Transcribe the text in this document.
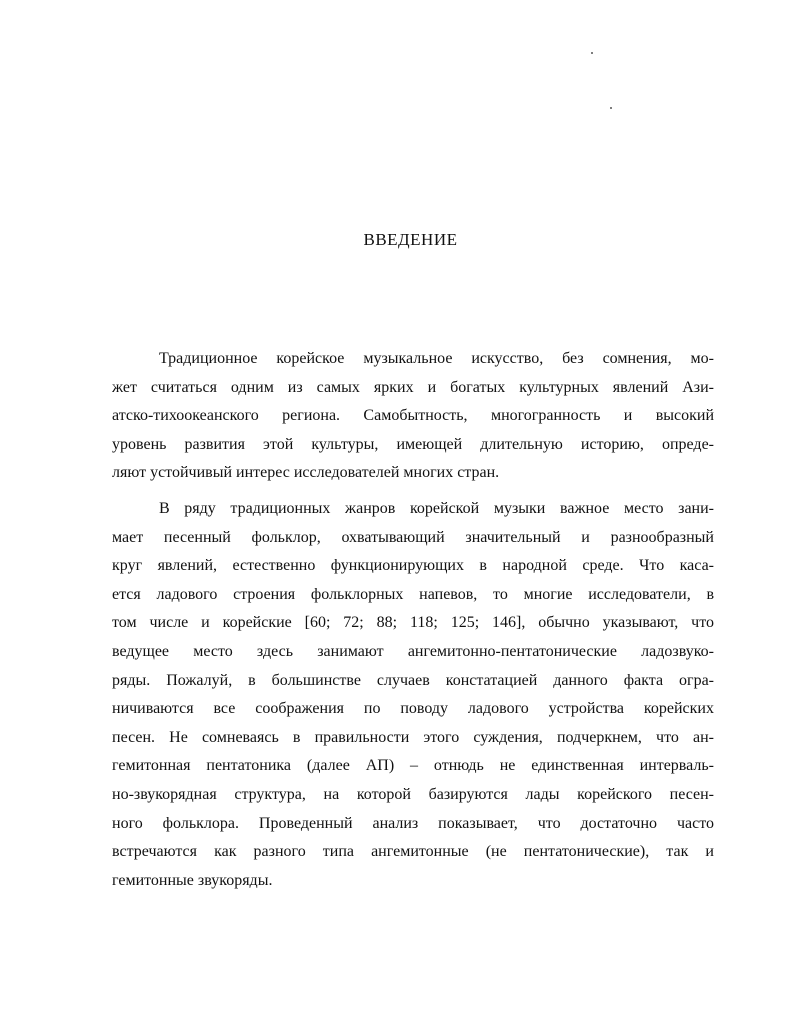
ВВЕДЕНИЕ
Традиционное корейское музыкальное искусство, без сомнения, мо-
жет считаться одним из самых ярких и богатых культурных явлений Ази-
атско-тихоокеанского региона. Самобытность, многогранность и высокий
уровень развития этой культуры, имеющей длительную историю, опреде-
ляют устойчивый интерес исследователей многих стран.
В ряду традиционных жанров корейской музыки важное место зани-
мает песенный фольклор, охватывающий значительный и разнообразный
круг явлений, естественно функционирующих в народной среде. Что каса-
ется ладового строения фольклорных напевов, то многие исследователи, в
том числе и корейские [60; 72; 88; 118; 125; 146], обычно указывают, что
ведущее место здесь занимают ангемитонно-пентатонические ладозвуко-
ряды. Пожалуй, в большинстве случаев констатацией данного факта огра-
ничиваются все соображения по поводу ладового устройства корейских
песен. Не сомневаясь в правильности этого суждения, подчеркнем, что ан-
гемитонная пентатоника (далее АП) – отнюдь не единственная интерваль-
но-звукорядная структура, на которой базируются лады корейского песен-
ного фольклора. Проведенный анализ показывает, что достаточно часто
встречаются как разного типа ангемитонные (не пентатонические), так и
гемитонные звукоряды.
